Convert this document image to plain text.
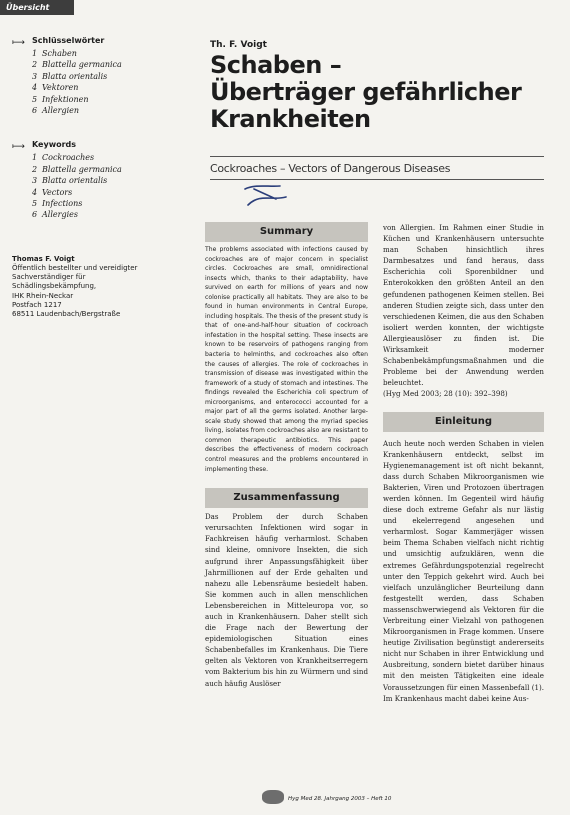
Übersicht
⟼ Schlüsselwörter
1 Schaben
2 Blattella germanica
3 Blatta orientalis
4 Vektoren
5 Infektionen
6 Allergien
⟼ Keywords
1 Cockroaches
2 Blattella germanica
3 Blatta orientalis
4 Vectors
5 Infections
6 Allergies
Thomas F. Voigt
Öffentlich bestellter und vereidigter
Sachverständiger für
Schädlingsbekämpfung,
IHK Rhein-Neckar
Postfach 1217
68511 Laudenbach/Bergstraße
Th. F. Voigt
Schaben –
Überträger gefährlicher
Krankheiten
Cockroaches – Vectors of Dangerous Diseases
Summary

The problems associated with infections caused by cockroaches are of major concern in specialist circles. Cockroaches are small, omnidirectional insects which, thanks to their adaptability, have survived on earth for millions of years and now colonise practically all habitats. They are also to be found in human environments in Central Europe, including hospitals. The thesis of the present study is that of one-and-half-hour situation of cockroach infestation in the hospital setting. These insects are known to be reservoirs of pathogens ranging from bacteria to helminths, and cockroaches also often the causes of allergies. The role of cockroaches in transmission of disease was investigated within the framework of a study of stomach and intestines. The findings revealed the Escherichia coli spectrum of microorganisms, and enterococci accounted for a major part of all the germs isolated. Another large-scale study showed that among the myriad species living, isolates from cockroaches also are resistant to common therapeutic antibiotics. This paper describes the effectiveness of modern cockroach control measures and the problems encountered in implementing these.

Zusammenfassung

Das Problem der durch Schaben verursachten Infektionen wird sogar in Fachkreisen häufig verharmlost. Schaben sind kleine, omnivore Insekten, die sich aufgrund ihrer Anpassungsfähigkeit über Jahrmillionen auf der Erde gehalten und nahezu alle Lebensräume besiedelt haben. Sie kommen auch in allen menschlichen Lebensbereichen in Mitteleuropa vor, so auch in Krankenhäusern. Daher stellt sich die Frage nach der Bewertung der epidemiologischen Situation eines Schabenbefalles im Krankenhaus. Die Tiere gelten als Vektoren von Krankheitserregern vom Bakterium bis hin zu Würmern und sind auch häufig Auslöser

von Allergien. Im Rahmen einer Studie in Küchen und Krankenhäusern untersuchte man Schaben hinsichtlich ihres Darmbesatzes und fand heraus, dass Escherichia coli Sporenbildner und Enterokokken den größten Anteil an den gefundenen pathogenen Keimen stellen. Bei anderen Studien zeigte sich, dass unter den verschiedenen Keimen, die aus den Schaben isoliert werden konnten, der wichtigste Allergieauslöser zu finden ist. Die Wirksamkeit moderner Schabenbekämpfungsmaßnahmen und die Probleme bei der Anwendung werden beleuchtet.

(Hyg Med 2003; 28 (10): 392–398)

Einleitung

Auch heute noch werden Schaben in vielen Krankenhäusern entdeckt, selbst im Hygienemanagement ist oft nicht bekannt, dass durch Schaben Mikroorganismen wie Bakterien, Viren und Protozoen übertragen werden können. Im Gegenteil wird häufig diese doch extreme Gefahr als nur lästig und ekelerregend angesehen und verharmlost. Sogar Kammerjäger wissen beim Thema Schaben vielfach nicht richtig und umsichtig aufzuklären, wenn die extremes Gefährdungspotenzial regelrecht unter den Teppich gekehrt wird. Auch bei vielfach unzulänglicher Beurteilung dann festgestellt werden, dass Schaben massenschwerwiegend als Vektoren für die Verbreitung einer Vielzahl von pathogenen Mikroorganismen in Frage kommen. Unsere heutige Zivilisation begünstigt andererseits nicht nur Schaben in ihrer Entwicklung und Ausbreitung, sondern bietet darüber hinaus mit den meisten Tätigkeiten eine ideale Voraussetzungen für einen Massenbefall (1). Im Krankenhaus macht dabei keine Aus-

Hyg Med 28. Jahrgang 2003 – Heft 10
